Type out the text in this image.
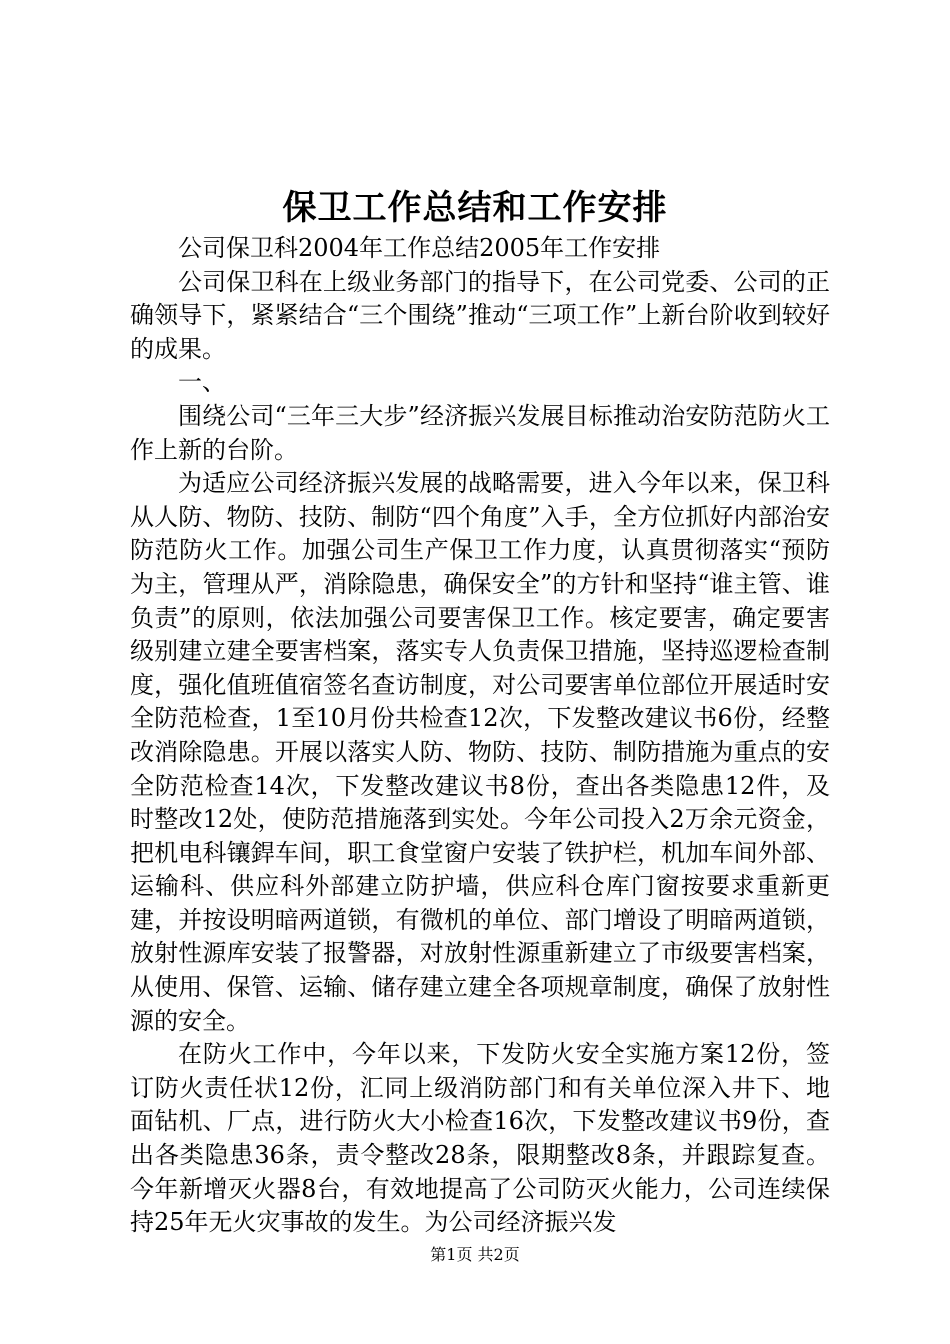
保卫工作总结和工作安排

公司保卫科2004年工作总结2005年工作安排

公司保卫科在上级业务部门的指导下，在公司党委、公司的正确领导下，紧紧结合“三个围绕”推动“三项工作”上新台阶收到较好的成果。

一、

围绕公司“三年三大步”经济振兴发展目标推动治安防范防火工作上新的台阶。

为适应公司经济振兴发展的战略需要，进入今年以来，保卫科从人防、物防、技防、制防“四个角度”入手，全方位抓好内部治安防范防火工作。加强公司生产保卫工作力度，认真贯彻落实“预防为主，管理从严，消除隐患，确保安全”的方针和坚持“谁主管、谁负责”的原则，依法加强公司要害保卫工作。核定要害，确定要害级别建立建全要害档案，落实专人负责保卫措施，坚持巡逻检查制度，强化值班值宿签名查访制度，对公司要害单位部位开展适时安全防范检查，1至10月份共检查12次，下发整改建议书6份，经整改消除隐患。开展以落实人防、物防、技防、制防措施为重点的安全防范检查14次，下发整改建议书8份，查出各类隐患12件，及时整改12处，使防范措施落到实处。今年公司投入2万余元资金，把机电科镶銲车间，职工食堂窗户安装了铁护栏，机加车间外部、运输科、供应科外部建立防护墙，供应科仓库门窗按要求重新更建，并按设明暗两道锁，有微机的单位、部门增设了明暗两道锁，放射性源库安装了报警器，对放射性源重新建立了市级要害档案，从使用、保管、运输、储存建立建全各项规章制度，确保了放射性源的安全。

在防火工作中，今年以来，下发防火安全实施方案12份，签订防火责任状12份，汇同上级消防部门和有关单位深入井下、地面钻机、厂点，进行防火大小检查16次，下发整改建议书9份，查出各类隐患36条，责令整改28条，限期整改8条，并跟踪复查。今年新增灭火器8台，有效地提高了公司防灭火能力，公司连续保持25年无火灾事故的发生。为公司经济振兴发

第1页 共2页
